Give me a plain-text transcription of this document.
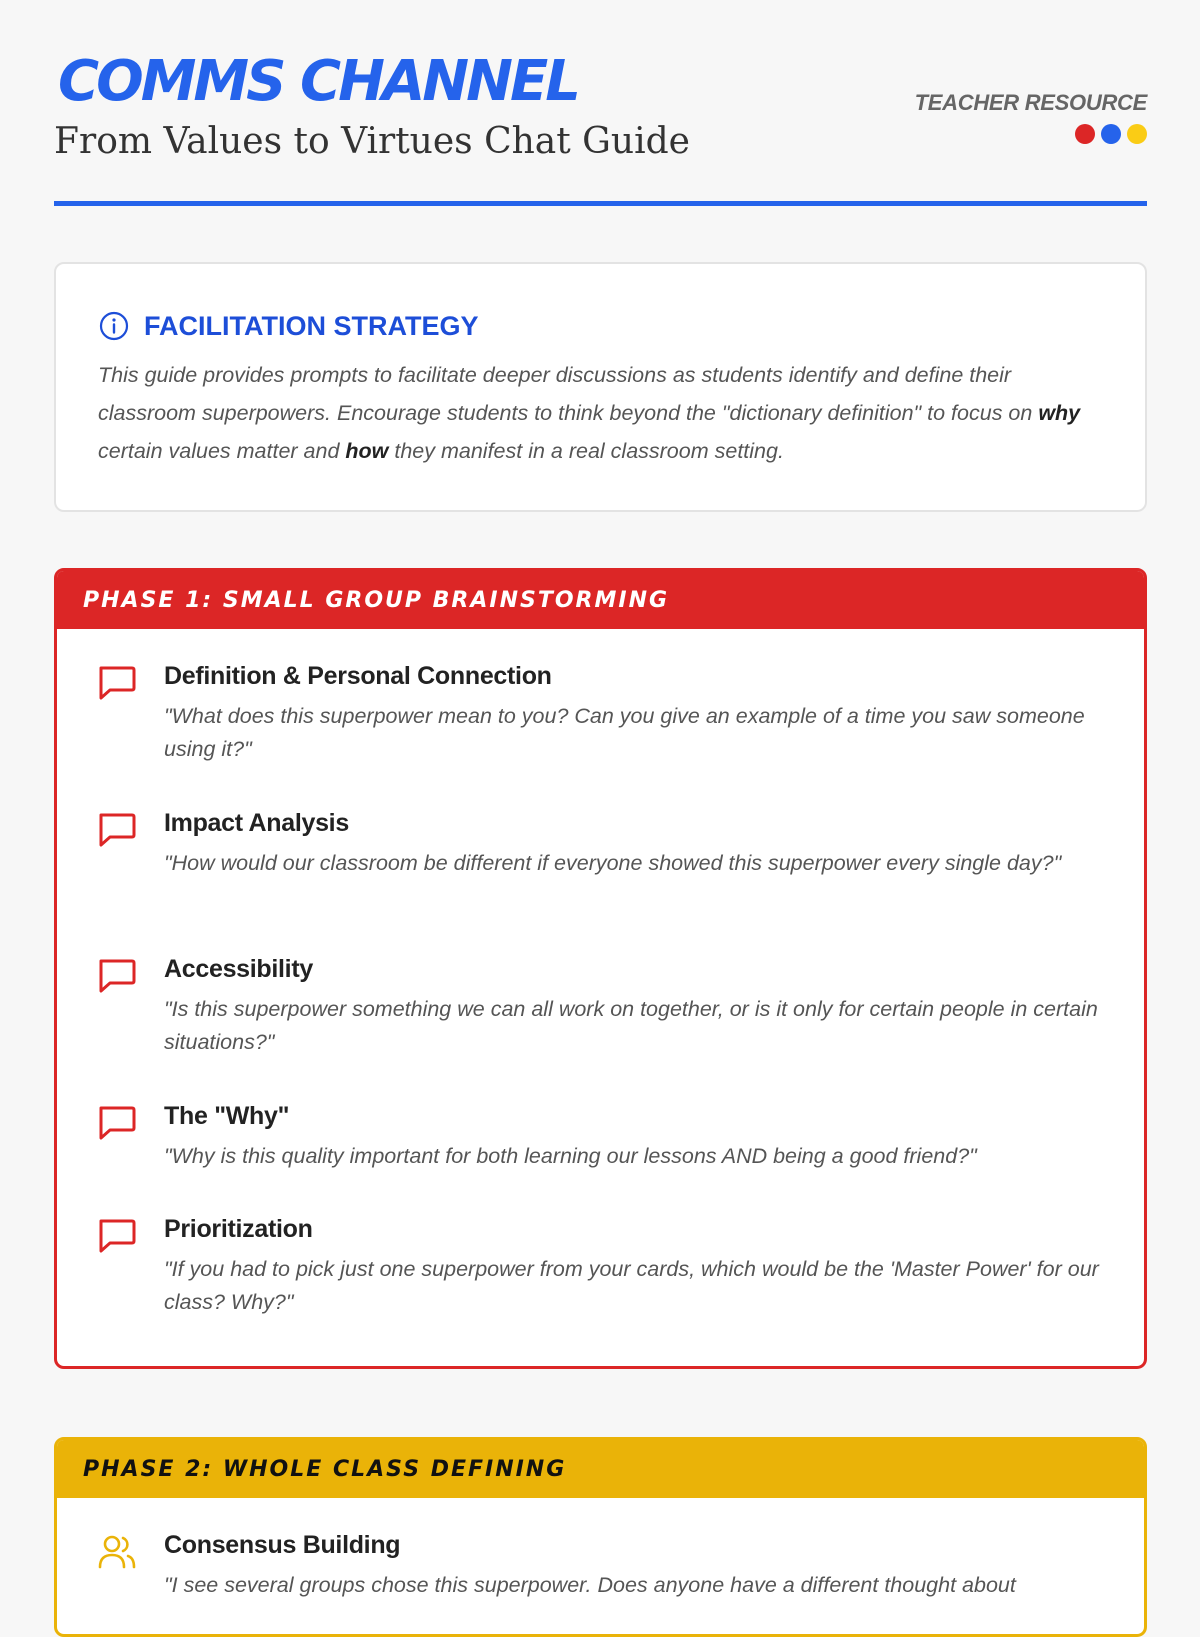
COMMS CHANNEL
From Values to Virtues Chat Guide
TEACHER RESOURCE
FACILITATION STRATEGY
This guide provides prompts to facilitate deeper discussions as students identify and define their classroom superpowers. Encourage students to think beyond the "dictionary definition" to focus on why certain values matter and how they manifest in a real classroom setting.
PHASE 1: SMALL GROUP BRAINSTORMING
Definition & Personal Connection
"What does this superpower mean to you? Can you give an example of a time you saw someone using it?"
Impact Analysis
"How would our classroom be different if everyone showed this superpower every single day?"
Accessibility
"Is this superpower something we can all work on together, or is it only for certain people in certain situations?"
The "Why"
"Why is this quality important for both learning our lessons AND being a good friend?"
Prioritization
"If you had to pick just one superpower from your cards, which would be the 'Master Power' for our class? Why?"
PHASE 2: WHOLE CLASS DEFINING
Consensus Building
"I see several groups chose this superpower. Does anyone have a different thought about
